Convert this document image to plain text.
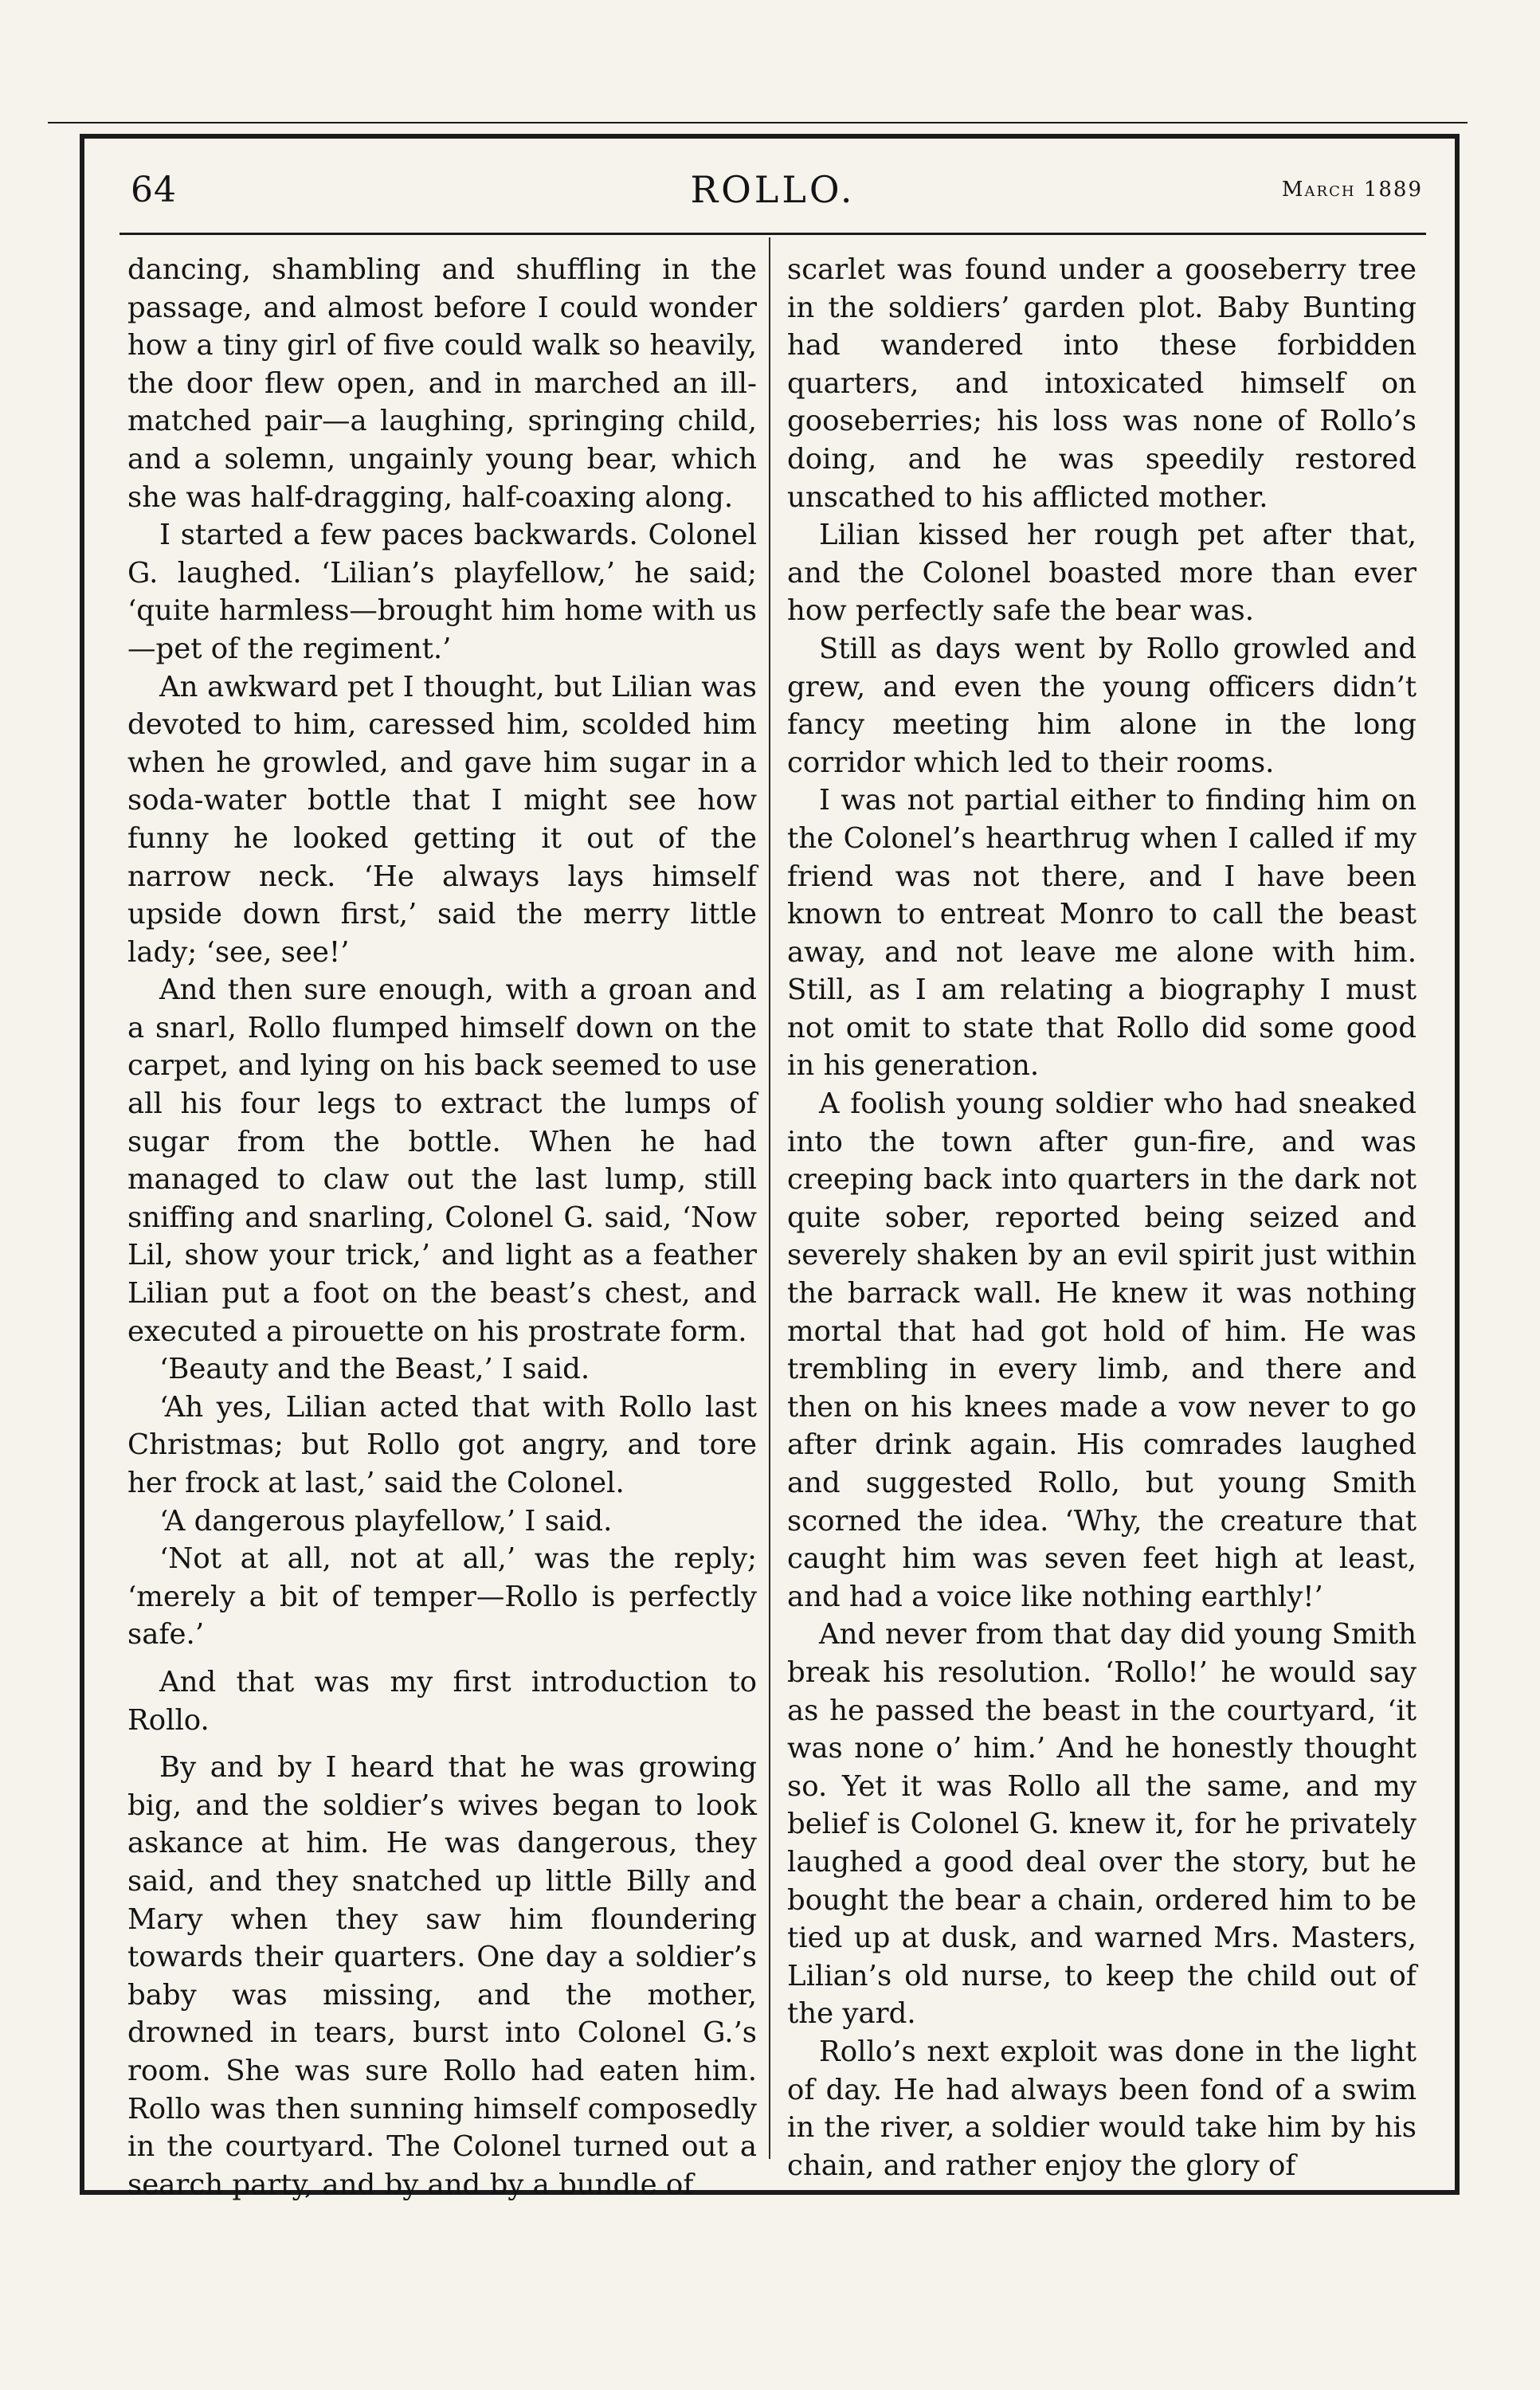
64	ROLLO.	March 1889

dancing, shambling and shuffling in the passage, and almost before I could wonder how a tiny girl of five could walk so heavily, the door flew open, and in marched an ill-matched pair—a laughing, springing child, and a solemn, ungainly young bear, which she was half-dragging, half-coaxing along.

I started a few paces backwards. Colonel G. laughed. ‘Lilian’s playfellow,’ he said; ‘quite harmless—brought him home with us—pet of the regiment.’

An awkward pet I thought, but Lilian was devoted to him, caressed him, scolded him when he growled, and gave him sugar in a soda-water bottle that I might see how funny he looked getting it out of the narrow neck. ‘He always lays himself upside down first,’ said the merry little lady; ‘see, see!’

And then sure enough, with a groan and a snarl, Rollo flumped himself down on the carpet, and lying on his back seemed to use all his four legs to extract the lumps of sugar from the bottle. When he had managed to claw out the last lump, still sniffing and snarling, Colonel G. said, ‘Now Lil, show your trick,’ and light as a feather Lilian put a foot on the beast’s chest, and executed a pirouette on his prostrate form.

‘Beauty and the Beast,’ I said.

‘Ah yes, Lilian acted that with Rollo last Christmas; but Rollo got angry, and tore her frock at last,’ said the Colonel.

‘A dangerous playfellow,’ I said.

‘Not at all, not at all,’ was the reply; ‘merely a bit of temper—Rollo is perfectly safe.’

And that was my first introduction to Rollo.

By and by I heard that he was growing big, and the soldier’s wives began to look askance at him. He was dangerous, they said, and they snatched up little Billy and Mary when they saw him floundering towards their quarters. One day a soldier’s baby was missing, and the mother, drowned in tears, burst into Colonel G.’s room. She was sure Rollo had eaten him. Rollo was then sunning himself composedly in the courtyard. The Colonel turned out a search party, and by and by a bundle of

scarlet was found under a gooseberry tree in the soldiers’ garden plot. Baby Bunting had wandered into these forbidden quarters, and intoxicated himself on gooseberries; his loss was none of Rollo’s doing, and he was speedily restored unscathed to his afflicted mother.

Lilian kissed her rough pet after that, and the Colonel boasted more than ever how perfectly safe the bear was.

Still as days went by Rollo growled and grew, and even the young officers didn’t fancy meeting him alone in the long corridor which led to their rooms.

I was not partial either to finding him on the Colonel’s hearthrug when I called if my friend was not there, and I have been known to entreat Monro to call the beast away, and not leave me alone with him. Still, as I am relating a biography I must not omit to state that Rollo did some good in his generation.

A foolish young soldier who had sneaked into the town after gun-fire, and was creeping back into quarters in the dark not quite sober, reported being seized and severely shaken by an evil spirit just within the barrack wall. He knew it was nothing mortal that had got hold of him. He was trembling in every limb, and there and then on his knees made a vow never to go after drink again. His comrades laughed and suggested Rollo, but young Smith scorned the idea. ‘Why, the creature that caught him was seven feet high at least, and had a voice like nothing earthly!’

And never from that day did young Smith break his resolution. ‘Rollo!’ he would say as he passed the beast in the courtyard, ‘it was none o’ him.’ And he honestly thought so. Yet it was Rollo all the same, and my belief is Colonel G. knew it, for he privately laughed a good deal over the story, but he bought the bear a chain, ordered him to be tied up at dusk, and warned Mrs. Masters, Lilian’s old nurse, to keep the child out of the yard.

Rollo’s next exploit was done in the light of day. He had always been fond of a swim in the river, a soldier would take him by his chain, and rather enjoy the glory of
